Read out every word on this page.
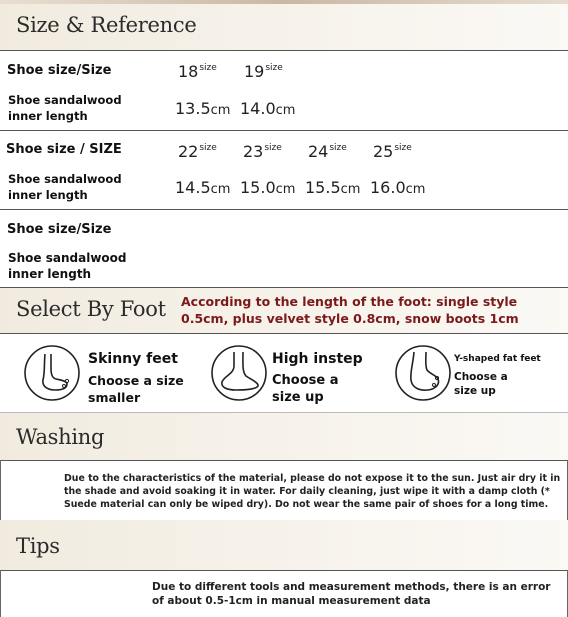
Size & Reference
Shoe size/Size
Shoe sandalwood inner length
$18^{size}$ $19^{size}$
13.5cm 14.0cm
Shoe size / SIZE
Shoe sandalwood inner length
$22^{size}$ $23^{size}$ $24^{size}$ $25^{size}$
14.5cm 15.0cm 15.5cm 16.0cm
Shoe size/Size
Shoe sandalwood inner length
Select By Foot According to the length of the foot: single style 0.5cm, plus velvet style 0.8cm, snow boots 1cm
Skinny feet
Choose a size smaller
High instep
Choose a size up
Y-shaped fat feet
Choose a size up
Washing
Due to the characteristics of the material, please do not expose it to the sun. Just air dry it in the shade and avoid soaking it in water. For daily cleaning, just wipe it with a damp cloth (* Suede material can only be wiped dry). Do not wear the same pair of shoes for a long time.
Tips
Due to different tools and measurement methods, there is an error of about 0.5-1cm in manual measurement data
